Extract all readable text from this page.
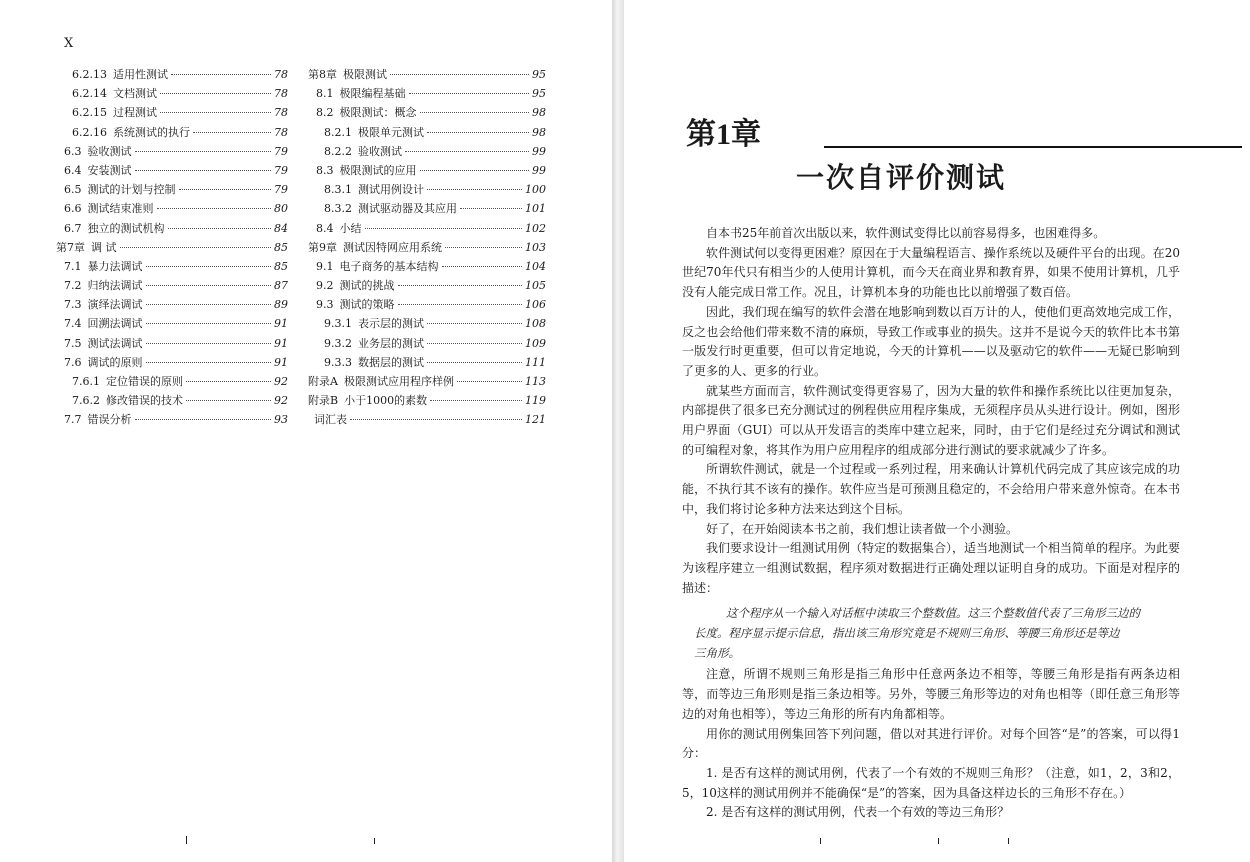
X
6.2.13 适用性测试	78
6.2.14 文档测试	78
6.2.15 过程测试	78
6.2.16 系统测试的执行	78
6.3 验收测试	79
6.4 安装测试	79
6.5 测试的计划与控制	79
6.6 测试结束准则	80
6.7 独立的测试机构	84
第7章 调 试	85
7.1 暴力法调试	85
7.2 归纳法调试	87
7.3 演绎法调试	89
7.4 回溯法调试	91
7.5 测试法调试	91
7.6 调试的原则	91
7.6.1 定位错误的原则	92
7.6.2 修改错误的技术	92
7.7 错误分析	93
第8章 极限测试	95
8.1 极限编程基础	95
8.2 极限测试：概念	98
8.2.1 极限单元测试	98
8.2.2 验收测试	99
8.3 极限测试的应用	99
8.3.1 测试用例设计	100
8.3.2 测试驱动器及其应用	101
8.4 小结	102
第9章 测试因特网应用系统	103
9.1 电子商务的基本结构	104
9.2 测试的挑战	105
9.3 测试的策略	106
9.3.1 表示层的测试	108
9.3.2 业务层的测试	109
9.3.3 数据层的测试	111
附录A 极限测试应用程序样例	113
附录B 小于1000的素数	119
词汇表	121
第1章
一次自评价测试

自本书25年前首次出版以来，软件测试变得比以前容易得多，也困难得多。

软件测试何以变得更困难？原因在于大量编程语言、操作系统以及硬件平台的出现。在20世纪70年代只有相当少的人使用计算机，而今天在商业界和教育界，如果不使用计算机，几乎没有人能完成日常工作。况且，计算机本身的功能也比以前增强了数百倍。

因此，我们现在编写的软件会潜在地影响到数以百万计的人，使他们更高效地完成工作，反之也会给他们带来数不清的麻烦，导致工作或事业的损失。这并不是说今天的软件比本书第一版发行时更重要，但可以肯定地说，今天的计算机——以及驱动它的软件——无疑已影响到了更多的人、更多的行业。

就某些方面而言，软件测试变得更容易了，因为大量的软件和操作系统比以往更加复杂，内部提供了很多已充分测试过的例程供应用程序集成，无须程序员从头进行设计。例如，图形用户界面（GUI）可以从开发语言的类库中建立起来，同时，由于它们是经过充分调试和测试的可编程对象，将其作为用户应用程序的组成部分进行测试的要求就减少了许多。

所谓软件测试，就是一个过程或一系列过程，用来确认计算机代码完成了其应该完成的功能，不执行其不该有的操作。软件应当是可预测且稳定的，不会给用户带来意外惊奇。在本书中，我们将讨论多种方法来达到这个目标。

好了，在开始阅读本书之前，我们想让读者做一个小测验。

我们要求设计一组测试用例（特定的数据集合），适当地测试一个相当简单的程序。为此要为该程序建立一组测试数据，程序须对数据进行正确处理以证明自身的成功。下面是对程序的描述：

这个程序从一个输入对话框中读取三个整数值。这三个整数值代表了三角形三边的
长度。程序显示提示信息，指出该三角形究竟是不规则三角形、等腰三角形还是等边
三角形。

注意，所谓不规则三角形是指三角形中任意两条边不相等，等腰三角形是指有两条边相等，而等边三角形则是指三条边相等。另外，等腰三角形等边的对角也相等（即任意三角形等边的对角也相等），等边三角形的所有内角都相等。

用你的测试用例集回答下列问题，借以对其进行评价。对每个回答“是”的答案，可以得1分：

1. 是否有这样的测试用例，代表了一个有效的不规则三角形？（注意，如1，2，3和2，5，10这样的测试用例并不能确保“是”的答案，因为具备这样边长的三角形不存在。）

2. 是否有这样的测试用例，代表一个有效的等边三角形？
